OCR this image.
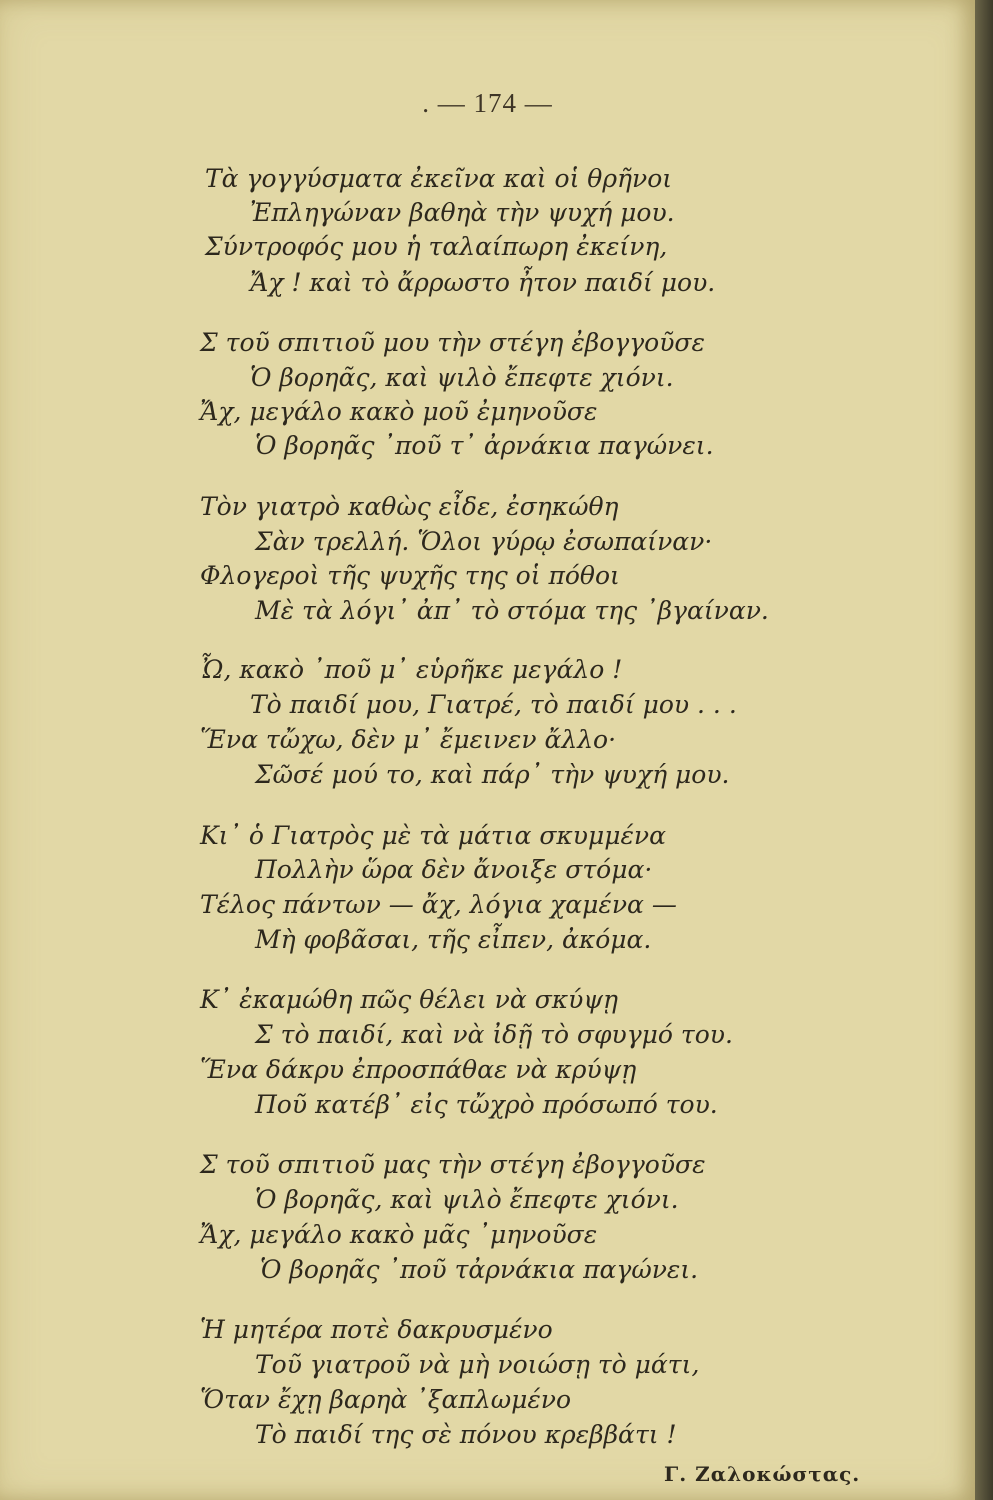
. — 174 —
Τὰ γογγύσματα ἐκεῖνα καὶ οἱ θρῆνοι
Ἐπληγώναν βαθηὰ τὴν ψυχή μου.
Σύντροφός μου ἡ ταλαίπωρη ἐκείνη,
Ἄχ ! καὶ τὸ ἄρρωστο ἦτον παιδί μου.
Σ τοῦ σπιτιοῦ μου τὴν στέγη ἐβογγοῦσε
Ὁ βορηᾶς, καὶ ψιλὸ ἔπεφτε χιόνι.
Ἄχ, μεγάλο κακὸ μοῦ ἐμηνοῦσε
Ὁ βορηᾶς ᾿ποῦ τ᾿ ἀρνάκια παγώνει.
Τὸν γιατρὸ καθὼς εἶδε, ἐσηκώθη
Σὰν τρελλή. Ὅλοι γύρῳ ἐσωπαίναν·
Φλογεροὶ τῆς ψυχῆς της οἱ πόθοι
Μὲ τὰ λόγι᾿ ἀπ᾿ τὸ στόμα της ᾿βγαίναν.
Ὦ, κακὸ ᾿ποῦ μ᾿ εὑρῆκε μεγάλο !
Τὸ παιδί μου, Γιατρέ, τὸ παιδί μου . . .
Ἕνα τὤχω, δὲν μ᾿ ἔμεινεν ἄλλο·
Σῶσέ μού το, καὶ πάρ᾿ τὴν ψυχή μου.
Κι᾿ ὁ Γιατρὸς μὲ τὰ μάτια σκυμμένα
Πολλὴν ὥρα δὲν ἄνοιξε στόμα·
Τέλος πάντων — ἄχ, λόγια χαμένα —
Μὴ φοβᾶσαι, τῆς εἶπεν, ἀκόμα.
Κ᾿ ἐκαμώθη πῶς θέλει νὰ σκύψῃ
Σ τὸ παιδί, καὶ νὰ ἰδῇ τὸ σφυγμό του.
Ἕνα δάκρυ ἐπροσπάθαε νὰ κρύψῃ
Ποῦ κατέβ᾿ εἰς τὤχρὸ πρόσωπό του.
Σ τοῦ σπιτιοῦ μας τὴν στέγη ἐβογγοῦσε
Ὁ βορηᾶς, καὶ ψιλὸ ἔπεφτε χιόνι.
Ἄχ, μεγάλο κακὸ μᾶς ᾿μηνοῦσε
Ὁ βορηᾶς ᾿ποῦ τἀρνάκια παγώνει.
Ἡ μητέρα ποτὲ δακρυσμένο
Τοῦ γιατροῦ νὰ μὴ νοιώσῃ τὸ μάτι,
Ὅταν ἔχῃ βαρηὰ ᾿ξαπλωμένο
Τὸ παιδί της σὲ πόνου κρεββάτι !
Γ. Ζαλοκώστας.
